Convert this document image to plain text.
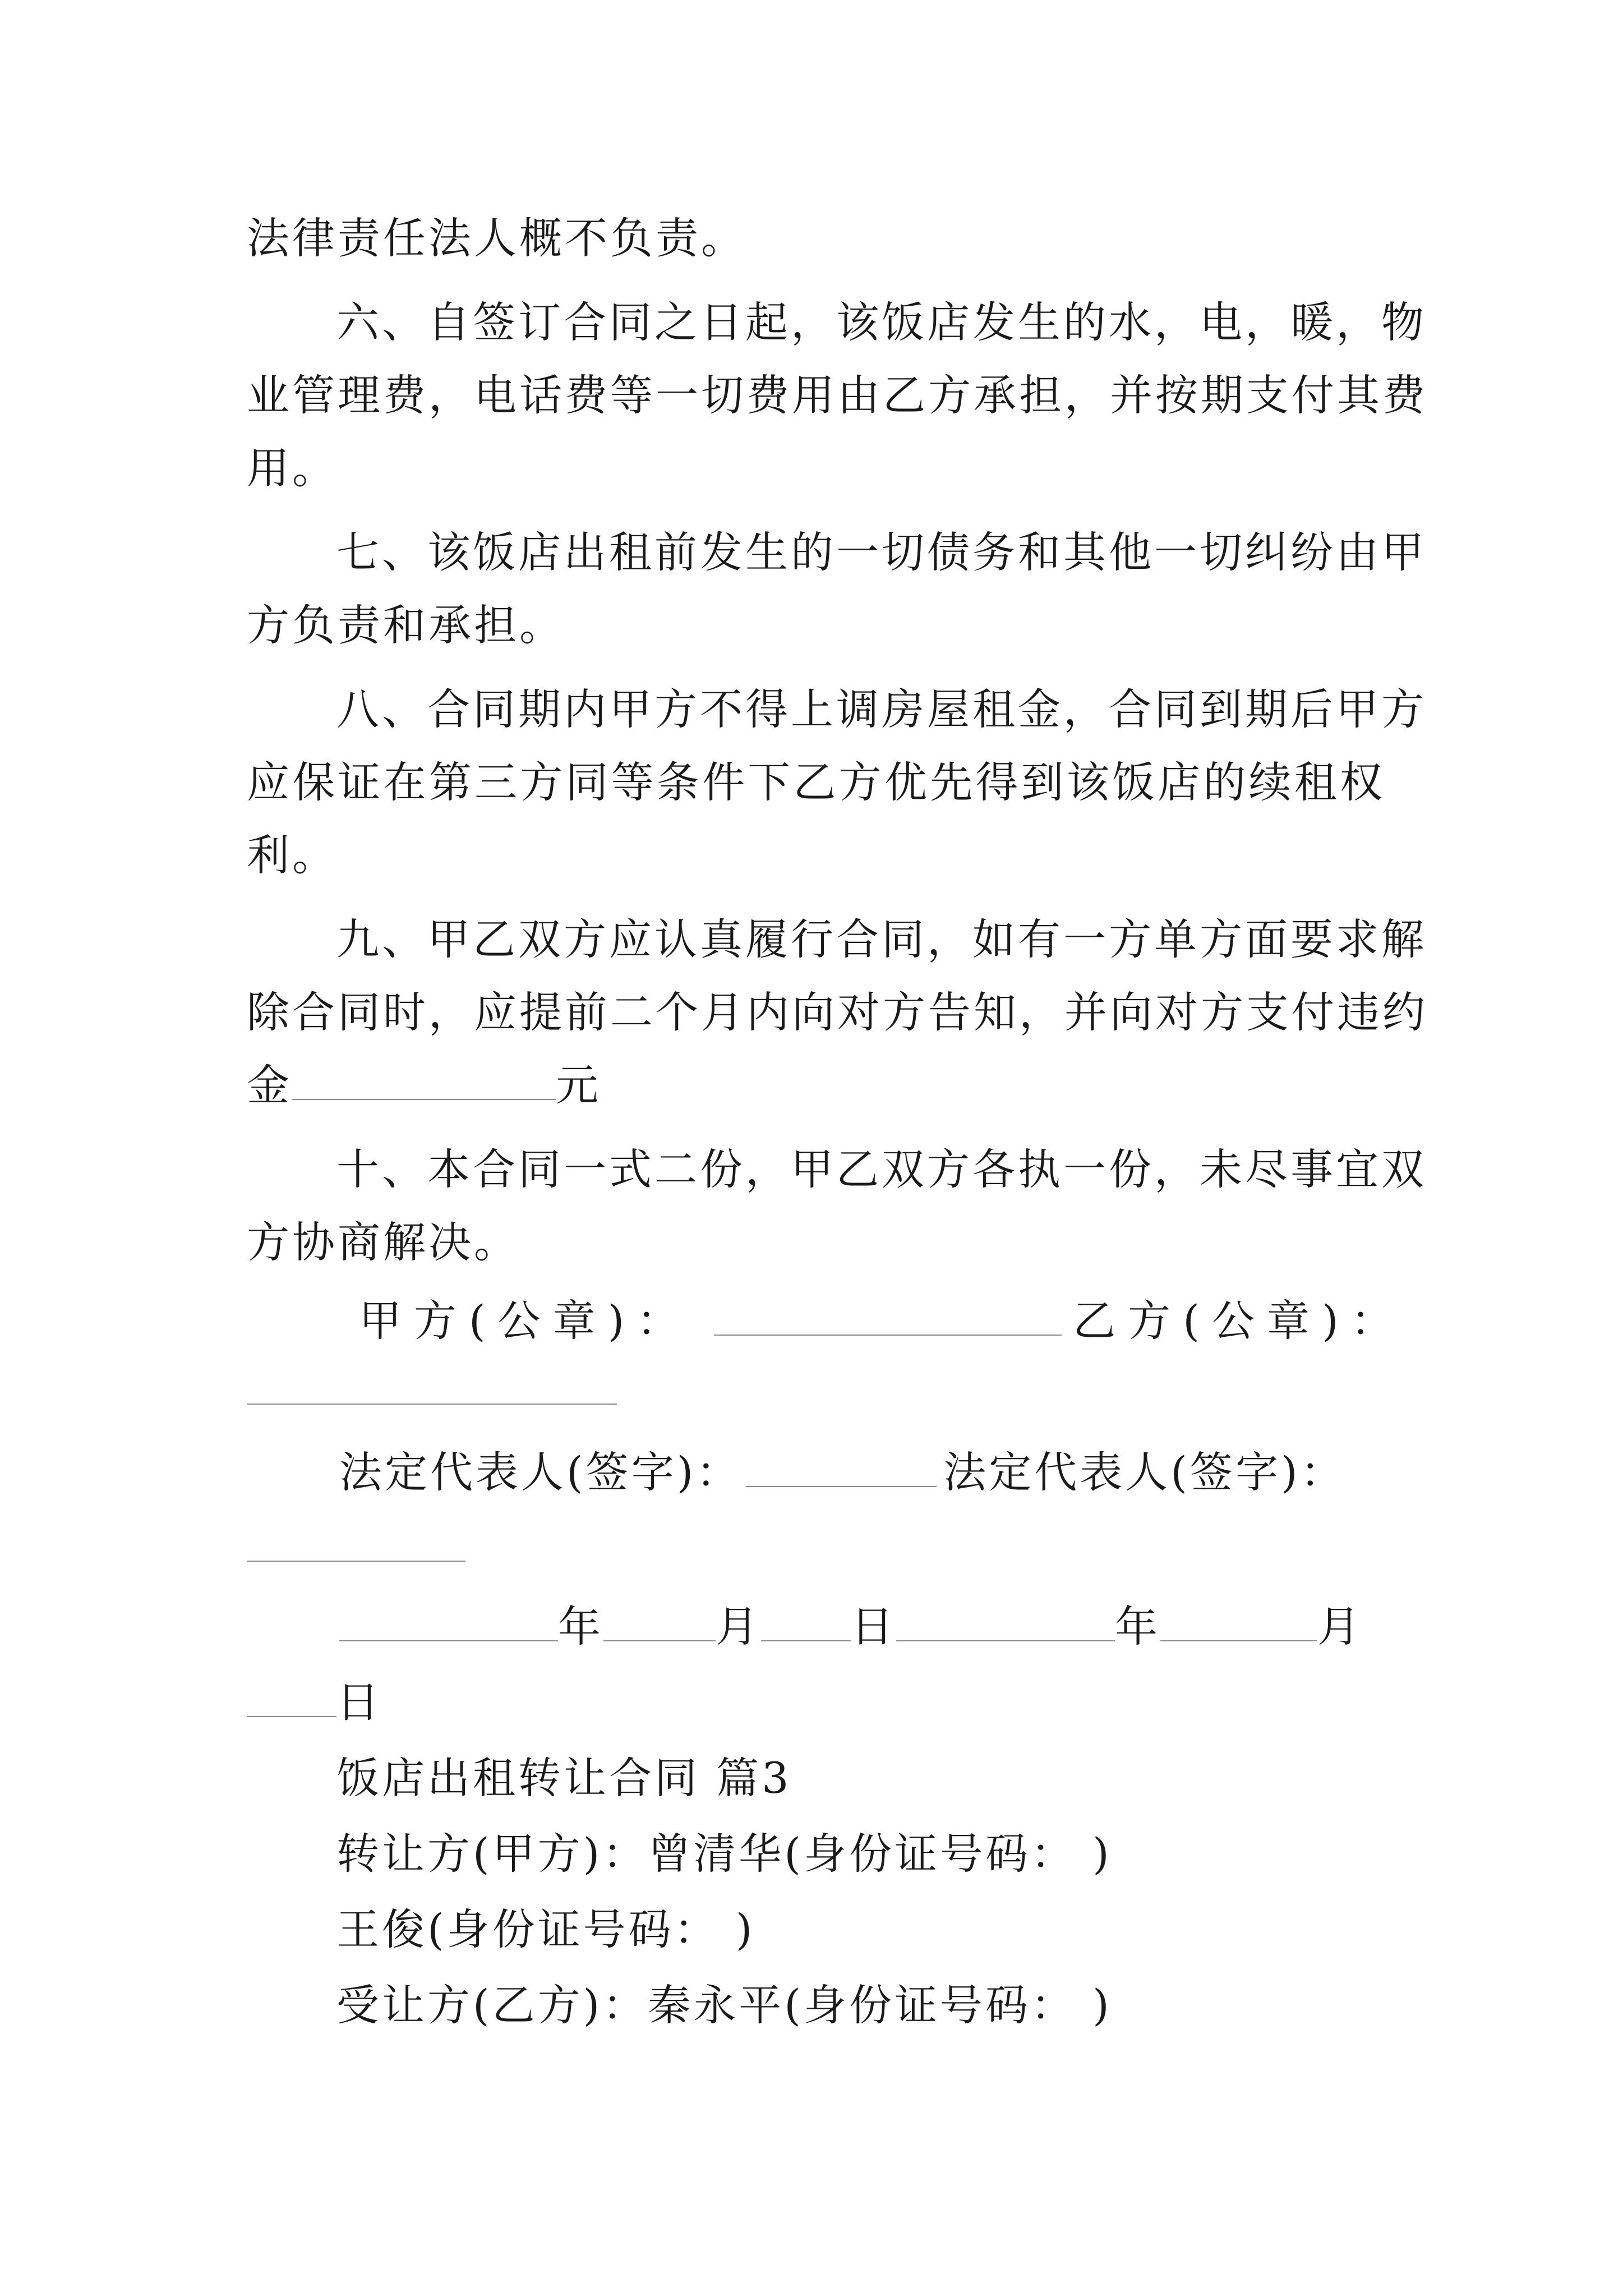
法律责任法人概不负责。
六、自签订合同之日起，该饭店发生的水，电，暖，物
业管理费，电话费等一切费用由乙方承担，并按期支付其费
用。
七、该饭店出租前发生的一切债务和其他一切纠纷由甲
方负责和承担。
八、合同期内甲方不得上调房屋租金，合同到期后甲方
应保证在第三方同等条件下乙方优先得到该饭店的续租权
利。
九、甲乙双方应认真履行合同，如有一方单方面要求解
除合同时，应提前二个月内向对方告知，并向对方支付违约
金	元
十、本合同一式二份，甲乙双方各执一份，未尽事宜双
方协商解决。
甲方(公章)：	乙方(公章)：
法定代表人(签字)：	法定代表人(签字)：
年	月 日	年	月
日
饭店出租转让合同 篇3
转让方(甲方)：曾清华(身份证号码： )
王俊(身份证号码： )
受让方(乙方)：秦永平(身份证号码： )
